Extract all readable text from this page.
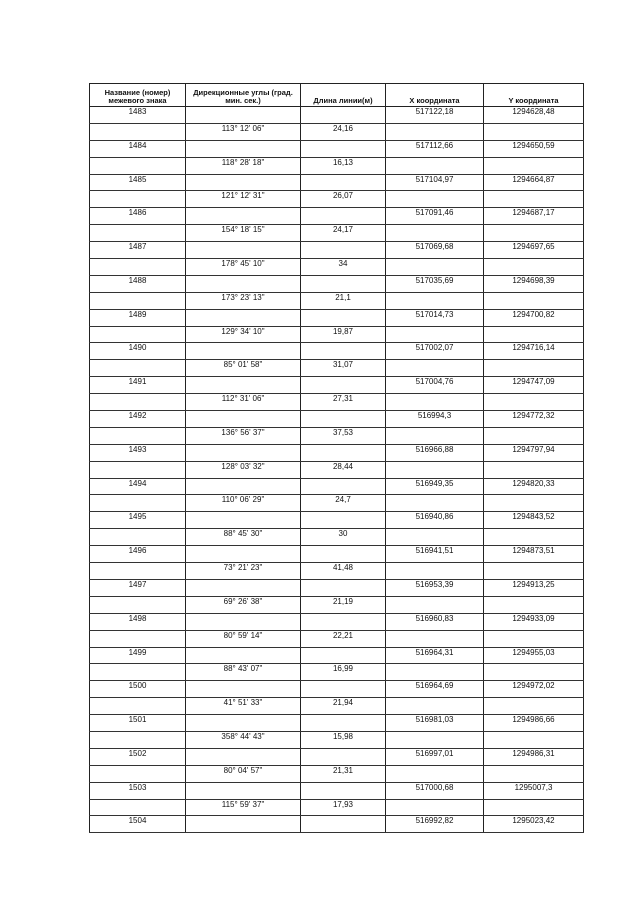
Название (номер) межевого знака	Дирекционные углы (град. мин. сек.)	Длина линии(м)	X координата	Y координата
1483			517122,18	1294628,48
	113° 12' 06"	24,16		
1484			517112,66	1294650,59
	118° 28' 18"	16,13		
1485			517104,97	1294664,87
	121° 12' 31"	26,07		
1486			517091,46	1294687,17
	154° 18' 15"	24,17		
1487			517069,68	1294697,65
	178° 45' 10"	34		
1488			517035,69	1294698,39
	173° 23' 13"	21,1		
1489			517014,73	1294700,82
	129° 34' 10"	19,87		
1490			517002,07	1294716,14
	85° 01' 58"	31,07		
1491			517004,76	1294747,09
	112° 31' 06"	27,31		
1492			516994,3	1294772,32
	136° 56' 37"	37,53		
1493			516966,88	1294797,94
	128° 03' 32"	28,44		
1494			516949,35	1294820,33
	110° 06' 29"	24,7		
1495			516940,86	1294843,52
	88° 45' 30"	30		
1496			516941,51	1294873,51
	73° 21' 23"	41,48		
1497			516953,39	1294913,25
	69° 26' 38"	21,19		
1498			516960,83	1294933,09
	80° 59' 14"	22,21		
1499			516964,31	1294955,03
	88° 43' 07"	16,99		
1500			516964,69	1294972,02
	41° 51' 33"	21,94		
1501			516981,03	1294986,66
	358° 44' 43"	15,98		
1502			516997,01	1294986,31
	80° 04' 57"	21,31		
1503			517000,68	1295007,3
	115° 59' 37"	17,93		
1504			516992,82	1295023,42
